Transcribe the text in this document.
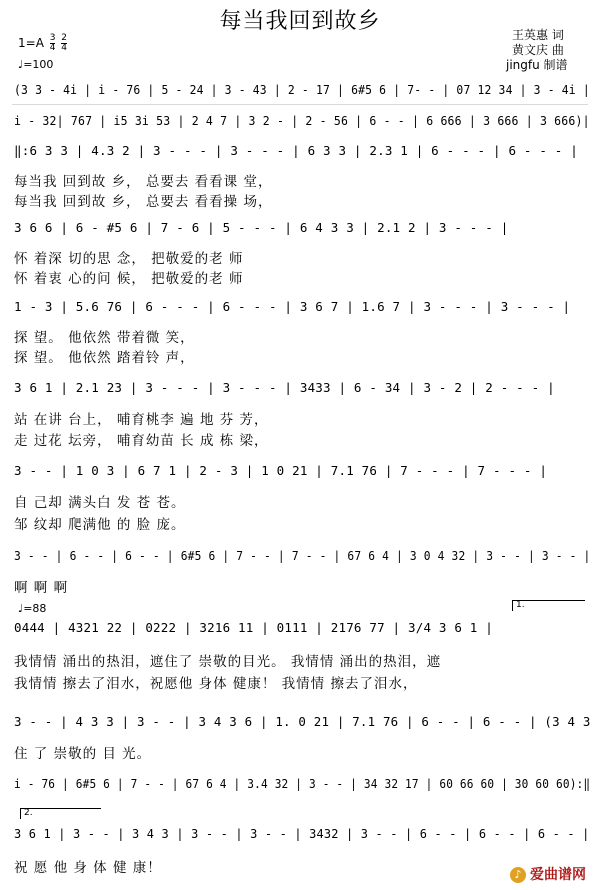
每当我回到故乡
王英惠 词
黄文庆 曲
jingfu 制谱
$1=A \frac{3}{4}$
$\frac{2}{4}$
♩=100
(3 3 - 4i | i - 76 | 5 - 24 | 3 - 43 | 2 - 17 | 6#5 6 | 7- - | 07 12 34 | 3 - 4i |
i - 32| 767 | i5 3i 53 | 2 4 7 | 3 2 - | 2 - 56 | 6 - - | 6 666 | 3 666 | 3 666)|
‖:6 3 3 | 4.3 2 | 3 - - - | 3 - - - | 6 3 3 | 2.3 1 | 6 - - - | 6 - - - |
每当我 回到故 乡， 总要去 看看课 堂，
每当我 回到故 乡， 总要去 看看操 场，
3 6 6 | 6 - #5 6 | 7 - 6 | 5 - - - | 6 4 3 3 | 2.1 2 | 3 - - - |
怀 着深 切的思 念， 把敬爱的老 师
怀 着衷 心的问 候， 把敬爱的老 师
1 - 3 | 5.6 76 | 6 - - - | 6 - - - | 3 6 7 | 1.6 7 | 3 - - - | 3 - - - |
探 望。 他依然 带着微 笑，
探 望。 他依然 踏着铃 声，
3 6 1 | 2.1 23 | 3 - - - | 3 - - - | 3433 | 6 - 34 | 3 - 2 | 2 - - - |
站 在讲 台上， 哺育桃李 遍 地 芬 芳，
走 过花 坛旁， 哺育幼苗 长 成 栋 梁，
3 - - | 1 0 3 | 6 7 1 | 2 - 3 | 1 0 21 | 7.1 76 | 7 - - - | 7 - - - |
自 己却 满头白 发 苍 苍。
邹 纹却 爬满他 的 脸 庞。
3 - - | 6 - - | 6 - - | 6#5 6 | 7 - - | 7 - - | 67 6 4 | 3 0 4 32 | 3 - - | 3 - - |
啊 啊 啊
♩=88	1.
0444 | 4321 22 | 0222 | 3216 11 | 0111 | 2176 77 | 3/4 3 6 1 |
我情情 涌出的热泪，遮住了 崇敬的目光。 我情情 涌出的热泪，遮
我情情 擦去了泪水，祝愿他 身体 健康！ 我情情 擦去了泪水，
3 - - | 4 3 3 | 3 - - | 3 4 3 6 | 1. 0 21 | 7.1 76 | 6 - - | 6 - - | (3 4 3
住 了 崇敬的 目 光。
i - 76 | 6#5 6 | 7 - - | 67 6 4 | 3.4 32 | 3 - - | 34 32 17 | 60 66 60 | 30 60 60):‖
2.
3 6 1 | 3 - - | 3 4 3 | 3 - - | 3 - - | 3432 | 3 - - | 6 - - | 6 - - | 6 - - |
祝 愿 他 身 体 健 康！	♪ 爱曲谱网
